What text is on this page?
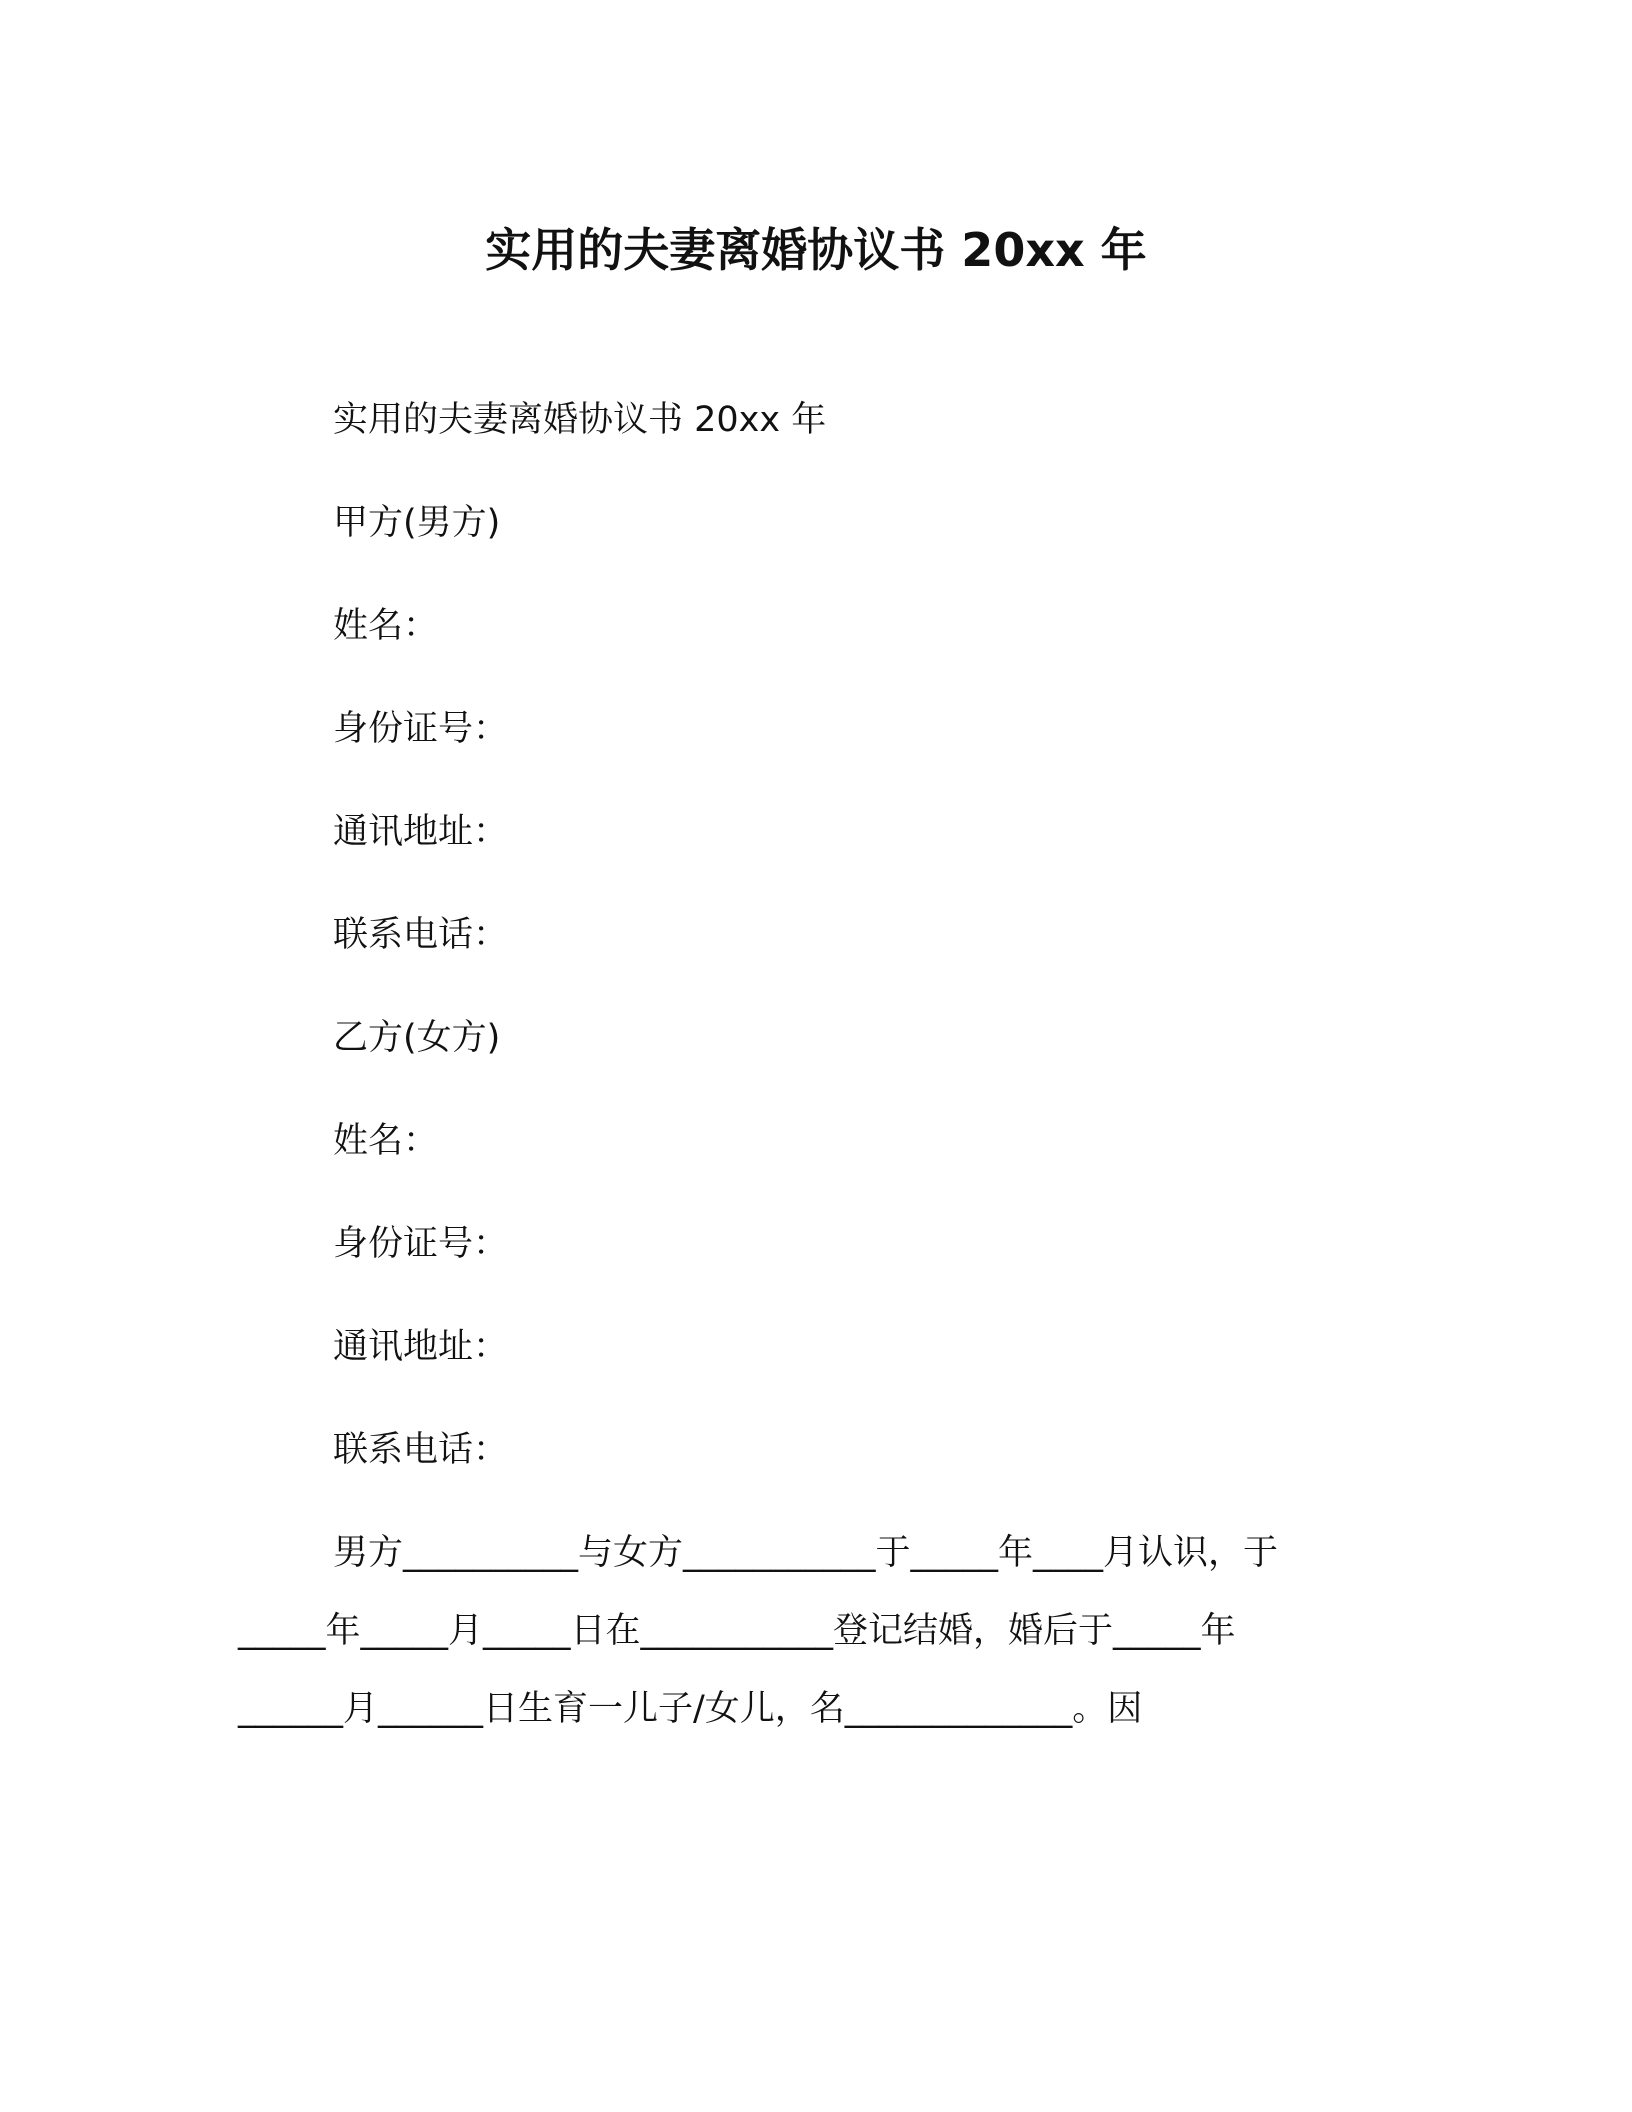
实用的夫妻离婚协议书 20xx 年
实用的夫妻离婚协议书 20xx 年
甲方(男方)
姓名：
身份证号：
通讯地址：
联系电话：
乙方(女方)
姓名：
身份证号：
通讯地址：
联系电话：
男方__________与女方___________于_____年____月认识，于
_____年_____月_____日在___________登记结婚，婚后于_____年
______月______日生育一儿子/女儿，名_____________。因
